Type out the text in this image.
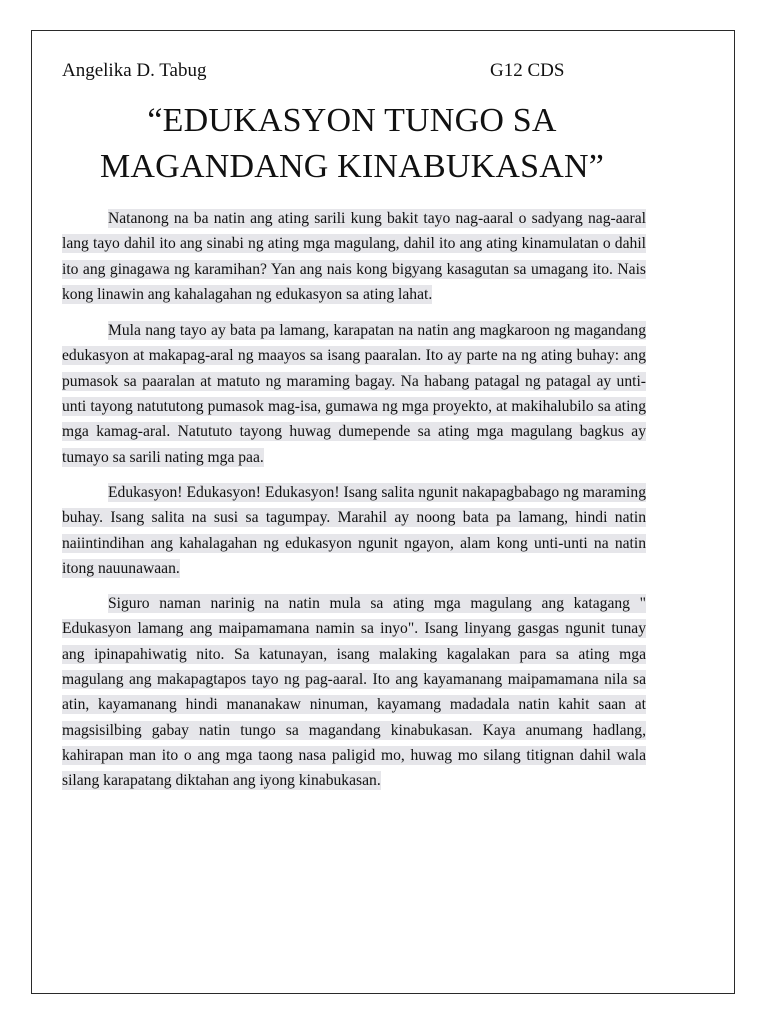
Angelika D. Tabug	G12 CDS
“EDUKASYON TUNGO SA
MAGANDANG KINABUKASAN”

Natanong na ba natin ang ating sarili kung bakit tayo nag-aaral o sadyang nag-aaral lang tayo dahil ito ang sinabi ng ating mga magulang, dahil ito ang ating kinamulatan o dahil ito ang ginagawa ng karamihan? Yan ang nais kong bigyang kasagutan sa umagang ito. Nais kong linawin ang kahalagahan ng edukasyon sa ating lahat.

Mula nang tayo ay bata pa lamang, karapatan na natin ang magkaroon ng magandang edukasyon at makapag-aral ng maayos sa isang paaralan. Ito ay parte na ng ating buhay: ang pumasok sa paaralan at matuto ng maraming bagay. Na habang patagal ng patagal ay unti-unti tayong natututong pumasok mag-isa, gumawa ng mga proyekto, at makihalubilo sa ating mga kamag-aral. Natututo tayong huwag dumepende sa ating mga magulang bagkus ay tumayo sa sarili nating mga paa.

Edukasyon! Edukasyon! Edukasyon! Isang salita ngunit nakapagbabago ng maraming buhay. Isang salita na susi sa tagumpay. Marahil ay noong bata pa lamang, hindi natin naiintindihan ang kahalagahan ng edukasyon ngunit ngayon, alam kong unti-unti na natin itong nauunawaan.

Siguro naman narinig na natin mula sa ating mga magulang ang katagang " Edukasyon lamang ang maipamamana namin sa inyo". Isang linyang gasgas ngunit tunay ang ipinapahiwatig nito. Sa katunayan, isang malaking kagalakan para sa ating mga magulang ang makapagtapos tayo ng pag-aaral. Ito ang kayamanang maipamamana nila sa atin, kayamanang hindi mananakaw ninuman, kayamang madadala natin kahit saan at magsisilbing gabay natin tungo sa magandang kinabukasan. Kaya anumang hadlang, kahirapan man ito o ang mga taong nasa paligid mo, huwag mo silang titignan dahil wala silang karapatang diktahan ang iyong kinabukasan.
